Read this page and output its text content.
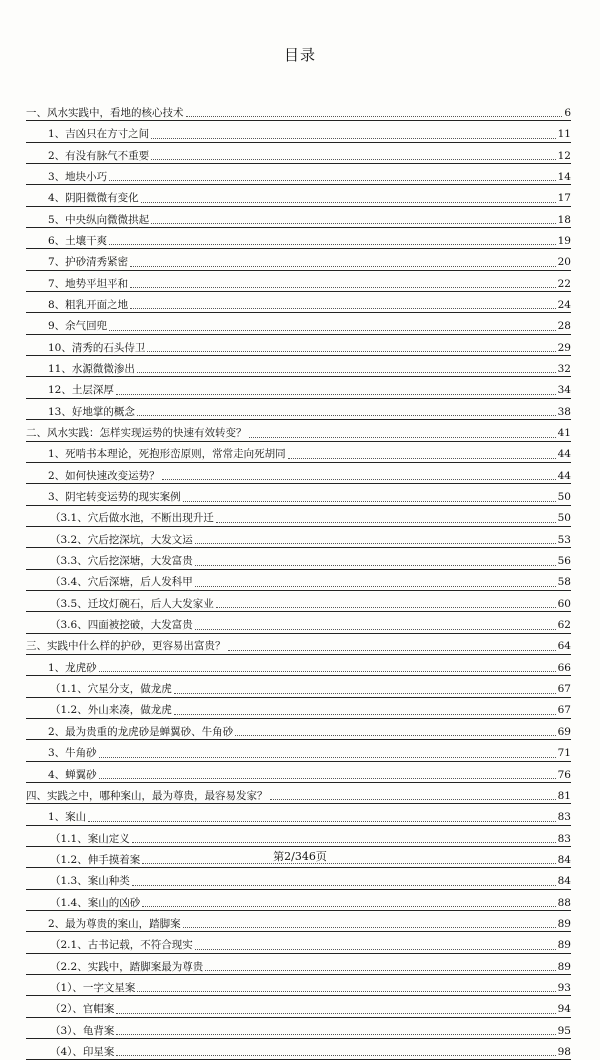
目录
一、风水实践中，看地的核心技术	6
1、吉凶只在方寸之间	11
2、有没有脉气不重要	12
3、地块小巧	14
4、阴阳微微有变化	17
5、中央纵向微微拱起	18
6、土壤干爽	19
7、护砂清秀紧密	20
7、地势平坦平和	22
8、粗乳开面之地	24
9、余气回兜	28
10、清秀的石头侍卫	29
11、水源微微渗出	32
12、土层深厚	34
13、好地掌的概念	38
二、风水实践：怎样实现运势的快速有效转变？	41
1、死啃书本理论，死抱形峦原则，常常走向死胡同	44
2、如何快速改变运势？	44
3、阴宅转变运势的现实案例	50
（3.1、穴后做水池，不断出现升迁	50
（3.2、穴后挖深坑，大发文运	53
（3.3、穴后挖深塘，大发富贵	56
（3.4、穴后深塘，后人发科甲	58
（3.5、迁坟灯碗石，后人大发家业	60
（3.6、四面被挖破，大发富贵	62
三、实践中什么样的护砂，更容易出富贵？	64
1、龙虎砂	66
（1.1、穴星分支，做龙虎	67
（1.2、外山来凑，做龙虎	67
2、最为贵重的龙虎砂是蝉翼砂、牛角砂	69
3、牛角砂	71
4、蝉翼砂	76
四、实践之中，哪种案山，最为尊贵，最容易发家？	81
1、案山	83
（1.1、案山定义	83
（1.2、伸手摸着案	84
（1.3、案山种类	84
（1.4、案山的凶砂	88
2、最为尊贵的案山，踏脚案	89
（2.1、古书记载，不符合现实	89
（2.2、实践中，踏脚案最为尊贵	89
（1）、一字文星案	93
（2）、官帽案	94
（3）、龟背案	95
（4）、印星案	98
第2/346页
